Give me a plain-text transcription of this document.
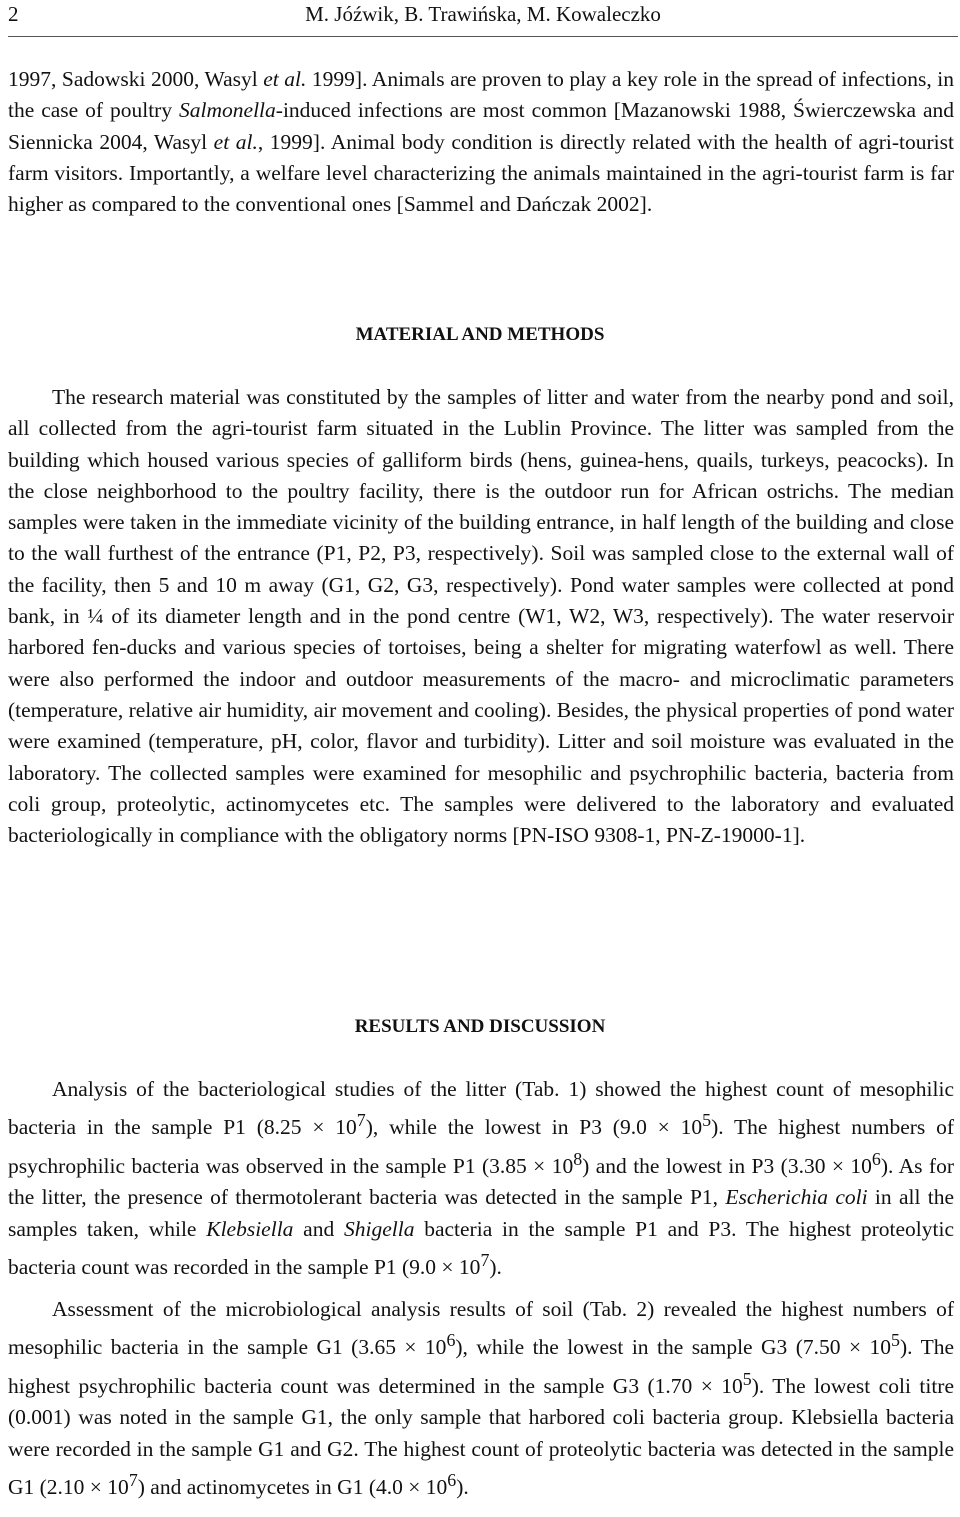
2	M. Jóźwik, B. Trawińska, M. Kowaleczko

1997, Sadowski 2000, Wasyl et al. 1999]. Animals are proven to play a key role in the spread of infections, in the case of poultry Salmonella-induced infections are most common [Mazanowski 1988, Świerczewska and Siennicka 2004, Wasyl et al., 1999]. Animal body condition is directly related with the health of agri-tourist farm visitors. Importantly, a welfare level characterizing the animals maintained in the agri-tourist farm is far higher as compared to the conventional ones [Sammel and Dańczak 2002].

MATERIAL AND METHODS

The research material was constituted by the samples of litter and water from the nearby pond and soil, all collected from the agri-tourist farm situated in the Lublin Province. The litter was sampled from the building which housed various species of galliform birds (hens, guinea-hens, quails, turkeys, peacocks). In the close neighborhood to the poultry facility, there is the outdoor run for African ostrichs. The median samples were taken in the immediate vicinity of the building entrance, in half length of the building and close to the wall furthest of the entrance (P1, P2, P3, respectively). Soil was sampled close to the external wall of the facility, then 5 and 10 m away (G1, G2, G3, respectively). Pond water samples were collected at pond bank, in ¼ of its diameter length and in the pond centre (W1, W2, W3, respectively). The water reservoir harbored fen-ducks and various species of tortoises, being a shelter for migrating waterfowl as well. There were also performed the indoor and outdoor measurements of the macro- and microclimatic parameters (temperature, relative air humidity, air movement and cooling). Besides, the physical properties of pond water were examined (temperature, pH, color, flavor and turbidity). Litter and soil moisture was evaluated in the laboratory. The collected samples were examined for mesophilic and psychrophilic bacteria, bacteria from coli group, proteolytic, actinomycetes etc. The samples were delivered to the laboratory and evaluated bacteriologically in compliance with the obligatory norms [PN-ISO 9308-1, PN-Z-19000-1].

RESULTS AND DISCUSSION

Analysis of the bacteriological studies of the litter (Tab. 1) showed the highest count of mesophilic bacteria in the sample P1 $(8.25 \times 10^7)$, while the lowest in P3 $(9.0 \times 10^5)$. The highest numbers of psychrophilic bacteria was observed in the sample P1 $(3.85 \times 10^8)$ and the lowest in P3 $(3.30 \times 10^6)$. As for the litter, the presence of thermotolerant bacteria was detected in the sample P1, Escherichia coli in all the samples taken, while Klebsiella and Shigella bacteria in the sample P1 and P3. The highest proteolytic bacteria count was recorded in the sample P1 $(9.0 \times 10^7)$.

Assessment of the microbiological analysis results of soil (Tab. 2) revealed the highest numbers of mesophilic bacteria in the sample G1 $(3.65 \times 10^6)$, while the lowest in the sample G3 $(7.50 \times 10^5)$. The highest psychrophilic bacteria count was determined in the sample G3 $(1.70 \times 10^5)$. The lowest coli titre (0.001) was noted in the sample G1, the only sample that harbored coli bacteria group. Klebsiella bacteria were recorded in the sample G1 and G2. The highest count of proteolytic bacteria was detected in the sample G1 $(2.10 \times 10^7)$ and actinomycetes in G1 $(4.0 \times 10^6)$.
